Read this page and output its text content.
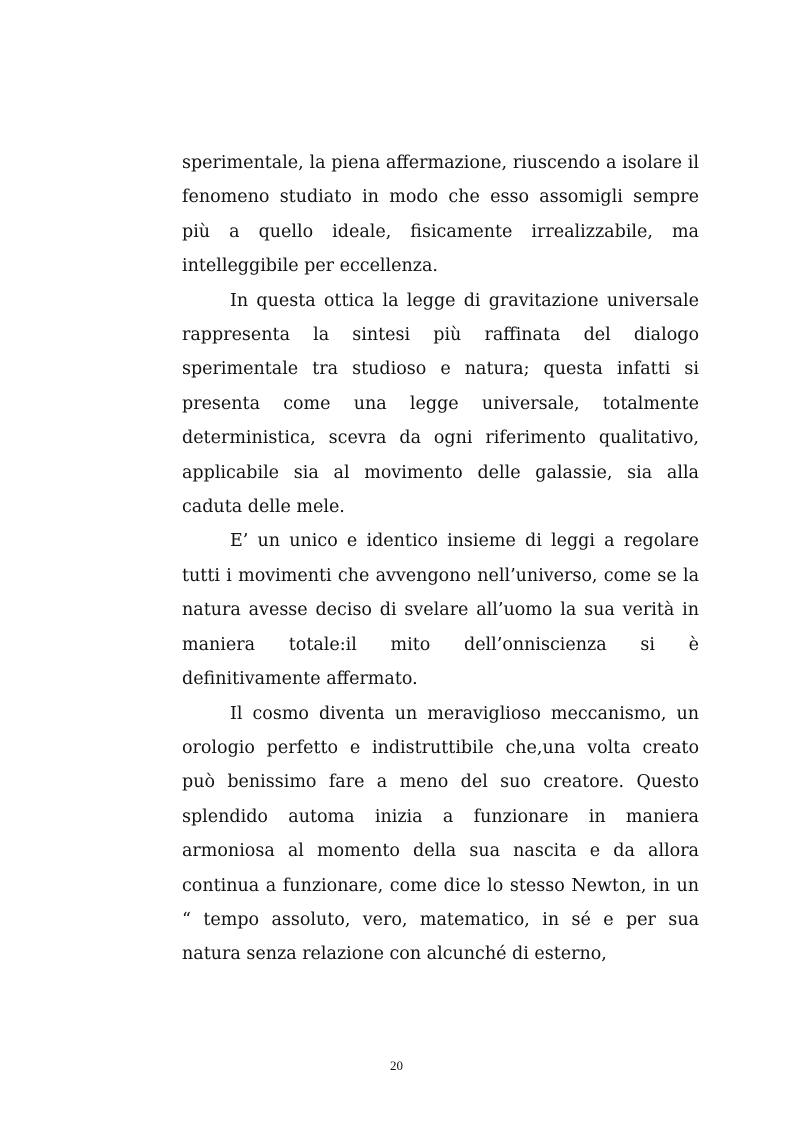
sperimentale, la piena affermazione, riuscendo a isolare il fenomeno studiato in modo che esso assomigli sempre più a quello ideale, fisicamente irrealizzabile, ma intelleggibile per eccellenza.

In questa ottica la legge di gravitazione universale rappresenta la sintesi più raffinata del dialogo sperimentale tra studioso e natura; questa infatti si presenta come una legge universale, totalmente deterministica, scevra da ogni riferimento qualitativo, applicabile sia al movimento delle galassie, sia alla caduta delle mele.

E’ un unico e identico insieme di leggi a regolare tutti i movimenti che avvengono nell’universo, come se la natura avesse deciso di svelare all’uomo la sua verità in maniera totale:il mito dell’onniscienza si è definitivamente affermato.

Il cosmo diventa un meraviglioso meccanismo, un orologio perfetto e indistruttibile che,una volta creato può benissimo fare a meno del suo creatore. Questo splendido automa inizia a funzionare in maniera armoniosa al momento della sua nascita e da allora continua a funzionare, come dice lo stesso Newton, in un “ tempo assoluto, vero, matematico, in sé e per sua natura senza relazione con alcunché di esterno,

20
